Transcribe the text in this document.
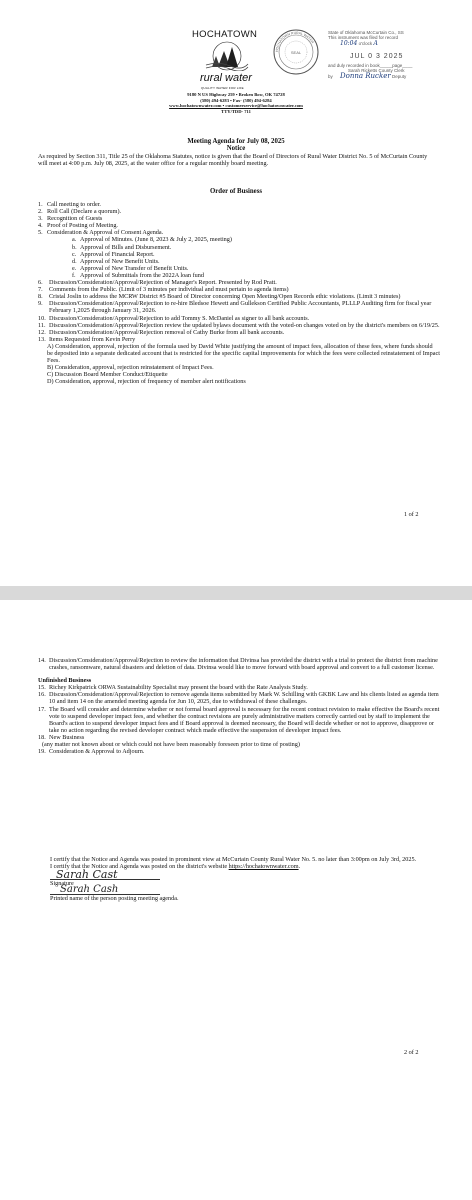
HOCHATOWN
rural water
QUALITY WATER FOR LIFE
SEAL
HOCHATOWN RURAL WATER
9180 N US Highway 259 • Broken Bow, OK 74728
(580) 494-6283 • Fax- (580) 494-6284
www.hochatownwater.com • customerservice@hochatownwater.com
TTY/TDD- 711
State of Oklahoma McCurtain Co., SS
This instrument was filed for record
10:04 o'clock A
JUL 0 3 2025
and duly recorded in book_____page____
Sarah Ricketts County Clerk
by Donna Rucker Deputy
Meeting Agenda for July 08, 2025
Notice
As required by Section 311, Title 25 of the Oklahoma Statutes, notice is given that the Board of Directors of Rural Water District No. 5 of McCurtain County will meet at 4:00 p.m. July 08, 2025, at the water office for a regular monthly board meeting.
Order of Business
1. Call meeting to order.
2. Roll Call (Declare a quorum).
3. Recognition of Guests
4. Proof of Posting of Meeting.
5. Consideration & Approval of Consent Agenda.
a. Approval of Minutes. (June 8, 2023 & July 2, 2025, meeting)
b. Approval of Bills and Disbursement.
c. Approval of Financial Report.
d. Approval of New Benefit Units.
e. Approval of New Transfer of Benefit Units.
f. Approval of Submittals from the 2022A loan fund
6.	Discussion/Consideration/Approval/Rejection of Manager's Report. Presented by Rod Pratt.
7.	Comments from the Public. (Limit of 3 minutes per individual and must pertain to agenda items)
8.	Cristal Joslin to address the MCRW District #5 Board of Director concerning Open Meeting/Open Records ethic violations. (Limit 3 minutes)
9.	Discussion/Consideration/Approval/Rejection to re-hire Bledsoe Hewett and Gullekson Certified Public Accountants, PLLLP Auditing firm for fiscal year February 1,2025 through January 31, 2026.
10. Discussion/Consideration/Approval/Rejection to add Tommy S. McDaniel as signer to all bank accounts.
11. Discussion/Consideration/Approval/Rejection review the updated bylaws document with the voted-on changes voted on by the district's members on 6/19/25.
12. Discussion/Consideration/Approval/Rejection removal of Cathy Burke from all bank accounts.
13. Items Requested from Kevin Perry
A) Consideration, approval, rejection of the formula used by David White justifying the amount of impact fees, allocation of these fees, where funds should be deposited into a separate dedicated account that is restricted for the specific capital improvements for which the fees were collected reinstatement of Impact Fees.
B) Consideration, approval, rejection reinstatement of Impact Fees.
C) Discussion Board Member Conduct/Etiquette
D) Consideration, approval, rejection of frequency of member alert notifications
1 of 2
14. Discussion/Consideration/Approval/Rejection to review the information that Divinsa has provided the district with a trial to protect the district from machine crashes, ransomware, natural disasters and deletion of data. Divinsa would like to move forward with board approval and convert to a full customer license.
Unfinished Business
15. Richey Kirkpatrick ORWA Sustainability Specialist may present the board with the Rate Analysis Study.
16. Discussion/Consideration/Approval/Rejection to remove agenda items submitted by Mark W. Schilling with GKBK Law and his clients listed as agenda item 10 and item 14 on the amended meeting agenda for Jun 10, 2025, due to withdrawal of these challenges.
17. The Board will consider and determine whether or not formal board approval is necessary for the recent contract revision to make effective the Board's recent vote to suspend developer impact fees, and whether the contract revisions are purely administrative matters correctly carried out by staff to implement the Board's action to suspend developer impact fees and if Board approval is deemed necessary, the Board will decide whether or not to approve, disapprove or take no action regarding the revised developer contract which made effective the suspension of developer impact fees.
18. New Business
(any matter not known about or which could not have been reasonably foreseen prior to time of posting)
19. Consideration & Approval to Adjourn.
I certify that the Notice and Agenda was posted in prominent view at McCurtain County Rural Water No. 5. no later than 3:00pm on July 3rd, 2025.
I certify that the Notice and Agenda was posted on the district's website https://hochatownwater.com.
Sarah Cast
Signature
Sarah Cash
Printed name of the person posting meeting agenda.
2 of 2
